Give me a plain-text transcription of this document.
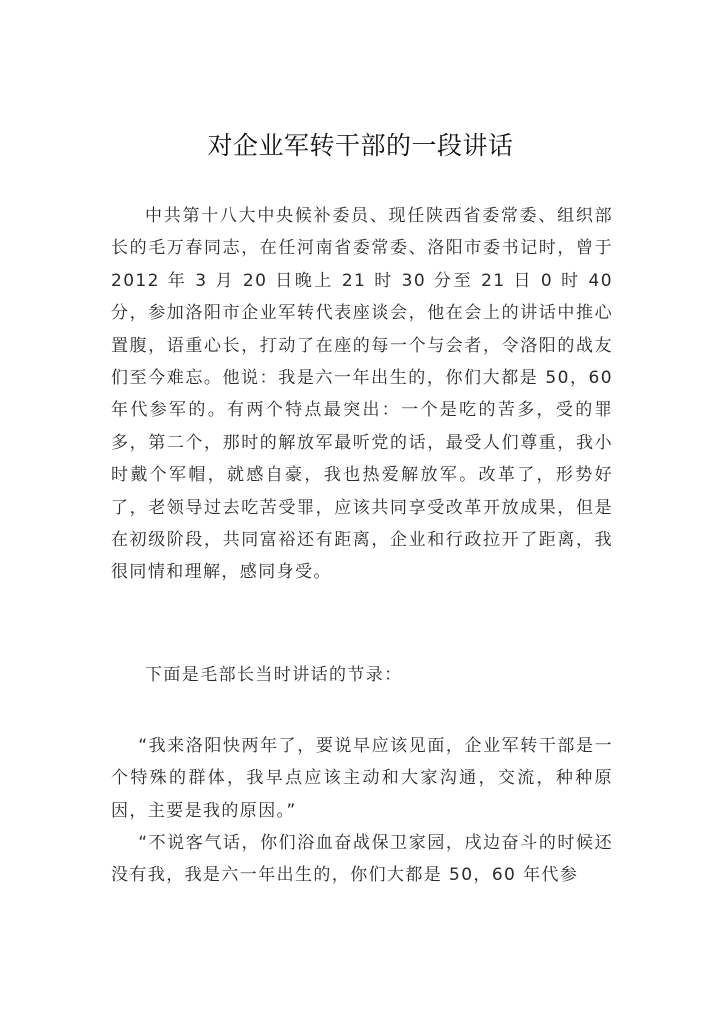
对企业军转干部的一段讲话

中共第十八大中央候补委员、现任陕西省委常委、组织部长的毛万春同志，在任河南省委常委、洛阳市委书记时，曾于 2012 年 3 月 20 日晚上 21 时 30 分至 21 日 0 时 40 分，参加洛阳市企业军转代表座谈会，他在会上的讲话中推心置腹，语重心长，打动了在座的每一个与会者，令洛阳的战友们至今难忘。他说：我是六一年出生的，你们大都是 50，60 年代参军的。有两个特点最突出：一个是吃的苦多，受的罪多，第二个，那时的解放军最听党的话，最受人们尊重，我小时戴个军帽，就感自豪，我也热爱解放军。改革了，形势好了，老领导过去吃苦受罪，应该共同享受改革开放成果，但是在初级阶段，共同富裕还有距离，企业和行政拉开了距离，我很同情和理解，感同身受。

下面是毛部长当时讲话的节录：

“我来洛阳快两年了，要说早应该见面，企业军转干部是一个特殊的群体，我早点应该主动和大家沟通，交流，种种原因，主要是我的原因。”

“不说客气话，你们浴血奋战保卫家园，戌边奋斗的时候还没有我，我是六一年出生的，你们大都是 50，60 年代参
